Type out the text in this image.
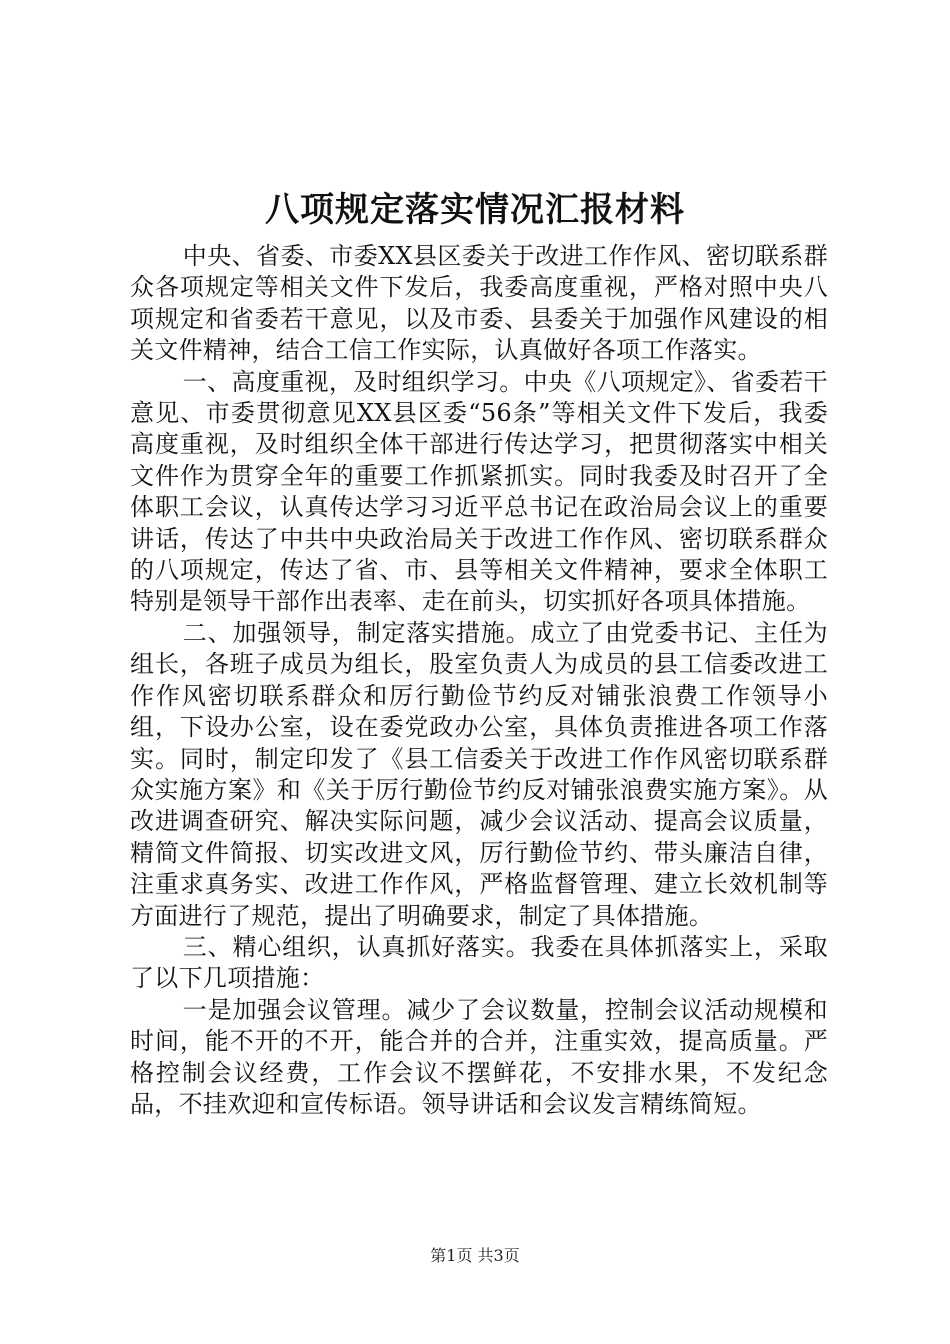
八项规定落实情况汇报材料

中央、省委、市委XX县区委关于改进工作作风、密切联系群众各项规定等相关文件下发后，我委高度重视，严格对照中央八项规定和省委若干意见，以及市委、县委关于加强作风建设的相关文件精神，结合工信工作实际，认真做好各项工作落实。

一、高度重视，及时组织学习。中央《八项规定》、省委若干意见、市委贯彻意见XX县区委“56条”等相关文件下发后，我委高度重视，及时组织全体干部进行传达学习，把贯彻落实中相关文件作为贯穿全年的重要工作抓紧抓实。同时我委及时召开了全体职工会议，认真传达学习习近平总书记在政治局会议上的重要讲话，传达了中共中央政治局关于改进工作作风、密切联系群众的八项规定，传达了省、市、县等相关文件精神，要求全体职工特别是领导干部作出表率、走在前头，切实抓好各项具体措施。

二、加强领导，制定落实措施。成立了由党委书记、主任为组长，各班子成员为组长，股室负责人为成员的县工信委改进工作作风密切联系群众和厉行勤俭节约反对铺张浪费工作领导小组，下设办公室，设在委党政办公室，具体负责推进各项工作落实。同时，制定印发了《县工信委关于改进工作作风密切联系群众实施方案》和《关于厉行勤俭节约反对铺张浪费实施方案》。从改进调查研究、解决实际问题，减少会议活动、提高会议质量，精简文件简报、切实改进文风，厉行勤俭节约、带头廉洁自律，注重求真务实、改进工作作风，严格监督管理、建立长效机制等方面进行了规范，提出了明确要求，制定了具体措施。

三、精心组织，认真抓好落实。我委在具体抓落实上，采取了以下几项措施：

一是加强会议管理。减少了会议数量，控制会议活动规模和时间，能不开的不开，能合并的合并，注重实效，提高质量。严格控制会议经费，工作会议不摆鲜花，不安排水果，不发纪念品，不挂欢迎和宣传标语。领导讲话和会议发言精练简短。

第1页 共3页
